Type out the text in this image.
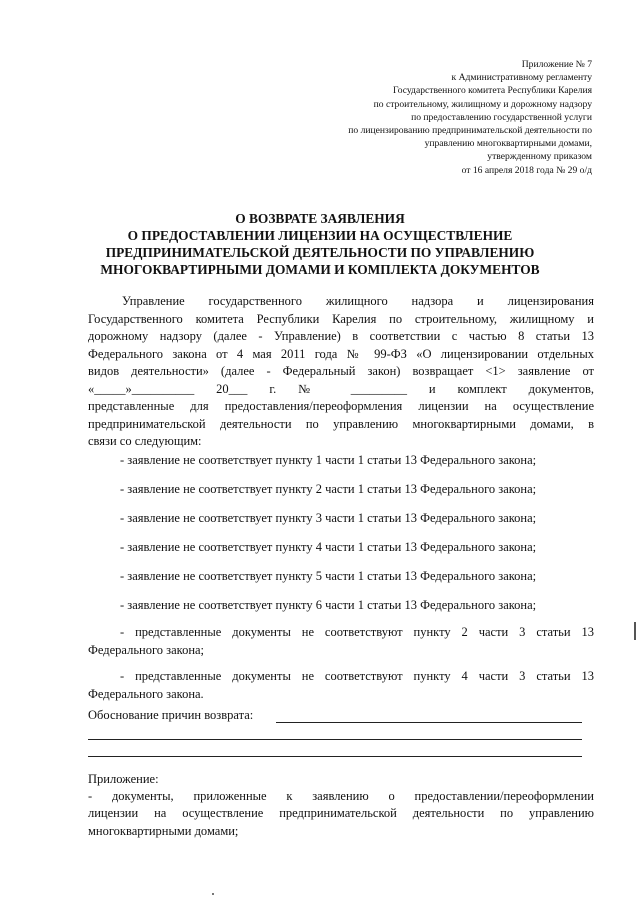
Приложение № 7
к Административному регламенту
Государственного комитета Республики Карелия
по строительному, жилищному и дорожному надзору
по предоставлению государственной услуги
по лицензированию предпринимательской деятельности по
управлению многоквартирными домами,
утвержденному приказом
от 16 апреля 2018 года № 29 о/д
О ВОЗВРАТЕ ЗАЯВЛЕНИЯ
О ПРЕДОСТАВЛЕНИИ ЛИЦЕНЗИИ НА ОСУЩЕСТВЛЕНИЕ
ПРЕДПРИНИМАТЕЛЬСКОЙ ДЕЯТЕЛЬНОСТИ ПО УПРАВЛЕНИЮ
МНОГОКВАРТИРНЫМИ ДОМАМИ И КОМПЛЕКТА ДОКУМЕНТОВ
Управление государственного жилищного надзора и лицензирования
Государственного комитета Республики Карелия по строительному, жилищному и
дорожному надзору (далее - Управление) в соответствии с частью 8 статьи 13
Федерального закона от 4 мая 2011 года № 99-ФЗ «О лицензировании отдельных
видов деятельности» (далее - Федеральный закон) возвращает <1> заявление от
«_____»__________ 20___ г. № _________ и комплект документов,
представленные для предоставления/переоформления лицензии на осуществление
предпринимательской деятельности по управлению многоквартирными домами, в
связи со следующим:
- заявление не соответствует пункту 1 части 1 статьи 13 Федерального закона;
- заявление не соответствует пункту 2 части 1 статьи 13 Федерального закона;
- заявление не соответствует пункту 3 части 1 статьи 13 Федерального закона;
- заявление не соответствует пункту 4 части 1 статьи 13 Федерального закона;
- заявление не соответствует пункту 5 части 1 статьи 13 Федерального закона;
- заявление не соответствует пункту 6 части 1 статьи 13 Федерального закона;
- представленные документы не соответствуют пункту 2 части 3 статьи 13
Федерального закона;
- представленные документы не соответствуют пункту 4 части 3 статьи 13
Федерального закона.
Обоснование причин возврата:
Приложение:
- документы, приложенные к заявлению о предоставлении/переоформлении
лицензии на осуществление предпринимательской деятельности по управлению
многоквартирными домами;
